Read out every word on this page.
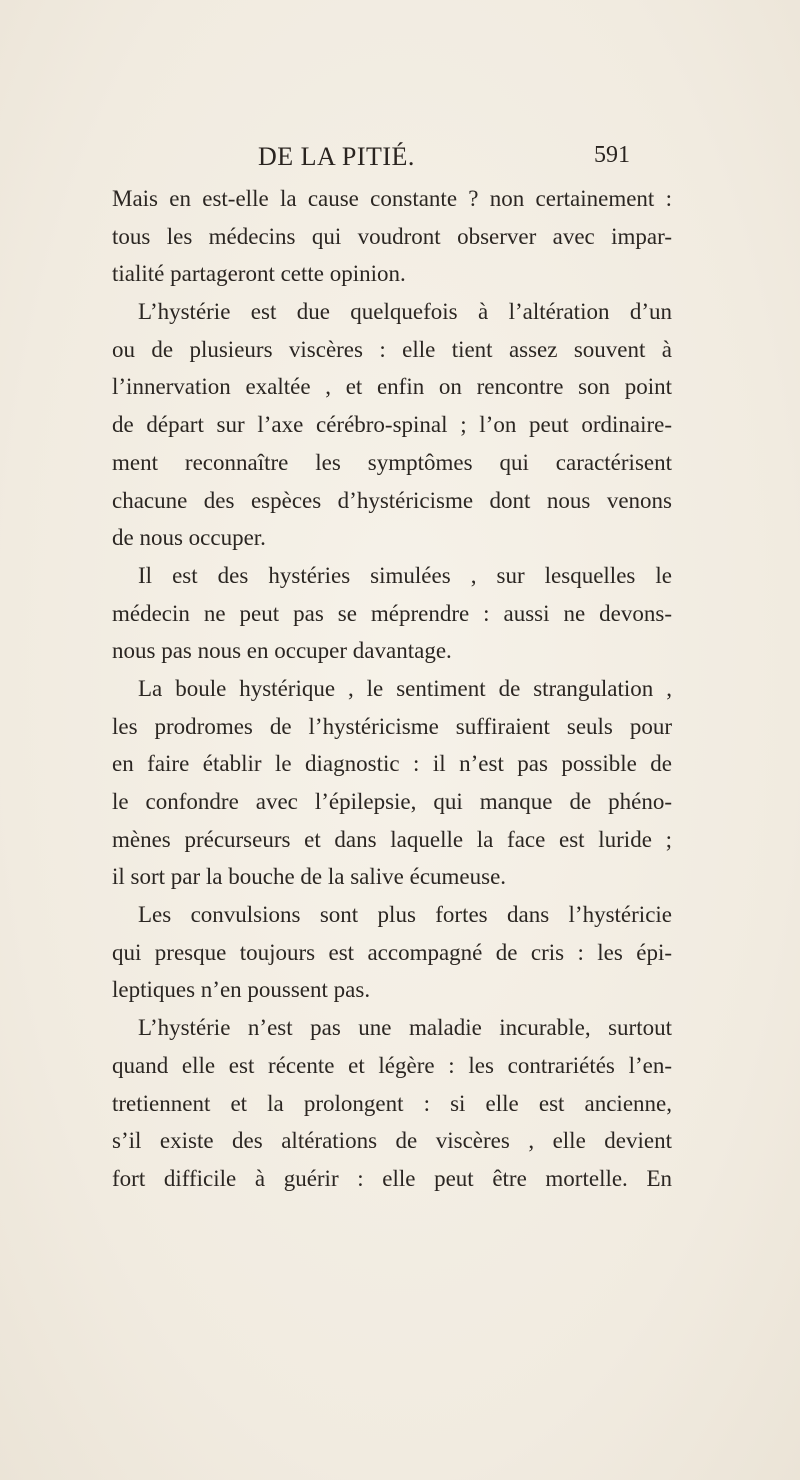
DE LA PITIÉ.	591
Mais en est-elle la cause constante ? non certainement :
tous les médecins qui voudront observer avec impar-
tialité partageront cette opinion.
L’hystérie est due quelquefois à l’altération d’un
ou de plusieurs viscères : elle tient assez souvent à
l’innervation exaltée , et enfin on rencontre son point
de départ sur l’axe cérébro-spinal ; l’on peut ordinaire-
ment reconnaître les symptômes qui caractérisent
chacune des espèces d’hystéricisme dont nous venons
de nous occuper.
Il est des hystéries simulées , sur lesquelles le
médecin ne peut pas se méprendre : aussi ne devons-
nous pas nous en occuper davantage.
La boule hystérique , le sentiment de strangulation ,
les prodromes de l’hystéricisme suffiraient seuls pour
en faire établir le diagnostic : il n’est pas possible de
le confondre avec l’épilepsie, qui manque de phéno-
mènes précurseurs et dans laquelle la face est luride ;
il sort par la bouche de la salive écumeuse.
Les convulsions sont plus fortes dans l’hystéricie
qui presque toujours est accompagné de cris : les épi-
leptiques n’en poussent pas.
L’hystérie n’est pas une maladie incurable, surtout
quand elle est récente et légère : les contrariétés l’en-
tretiennent et la prolongent : si elle est ancienne,
s’il existe des altérations de viscères , elle devient
fort difficile à guérir : elle peut être mortelle. En
